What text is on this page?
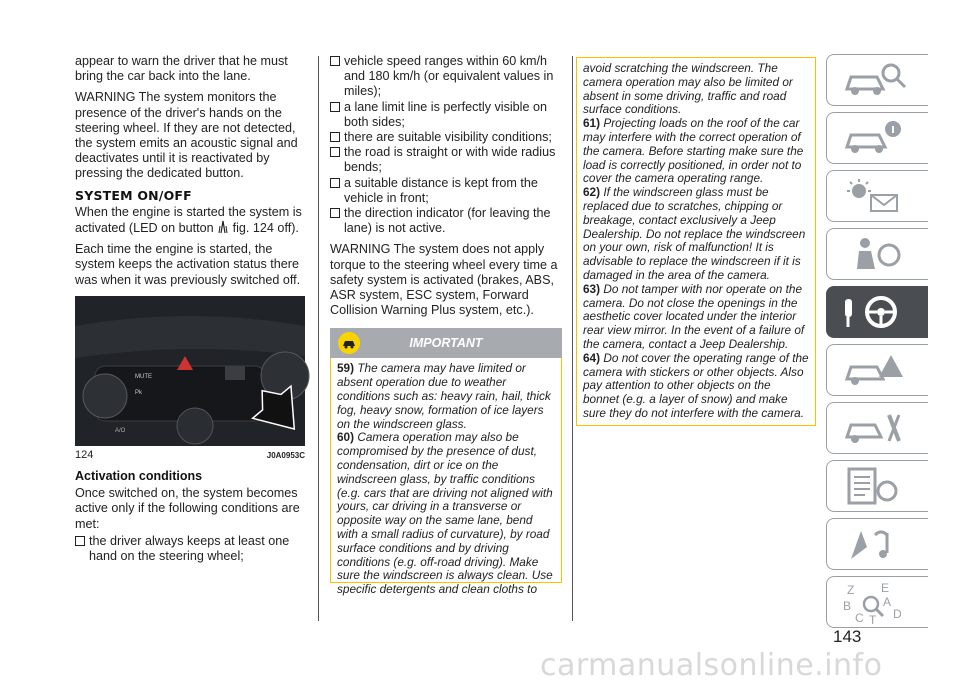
appear to warn the driver that he must bring the car back into the lane.

WARNING The system monitors the presence of the driver's hands on the steering wheel. If they are not detected, the system emits an acoustic signal and deactivates until it is reactivated by pressing the dedicated button.

SYSTEM ON/OFF

When the engine is started the system is activated (LED on button fig. 124 off).

Each time the engine is started, the system keeps the activation status there was when it was previously switched off.

MUTE
Pk
A/O
124	J0A0953C
Activation conditions

Once switched on, the system becomes active only if the following conditions are met:

the driver always keeps at least one hand on the steering wheel;
vehicle speed ranges within 60 km/h and 180 km/h (or equivalent values in miles);
a lane limit line is perfectly visible on both sides;
there are suitable visibility conditions;
the road is straight or with wide radius bends;
a suitable distance is kept from the vehicle in front;
the direction indicator (for leaving the lane) is not active.

WARNING The system does not apply torque to the steering wheel every time a safety system is activated (brakes, ABS, ASR system, ESC system, Forward Collision Warning Plus system, etc.).

IMPORTANT
59) The camera may have limited or absent operation due to weather conditions such as: heavy rain, hail, thick fog, heavy snow, formation of ice layers on the windscreen glass.
60) Camera operation may also be compromised by the presence of dust, condensation, dirt or ice on the windscreen glass, by traffic conditions (e.g. cars that are driving not aligned with yours, car driving in a transverse or opposite way on the same lane, bend with a small radius of curvature), by road surface conditions and by driving conditions (e.g. off-road driving). Make sure the windscreen is always clean. Use specific detergents and clean cloths to
avoid scratching the windscreen. The camera operation may also be limited or absent in some driving, traffic and road surface conditions.
61) Projecting loads on the roof of the car may interfere with the correct operation of the camera. Before starting make sure the load is correctly positioned, in order not to cover the camera operating range.
62) If the windscreen glass must be replaced due to scratches, chipping or breakage, contact exclusively a Jeep Dealership. Do not replace the windscreen on your own, risk of malfunction! It is advisable to replace the windscreen if it is damaged in the area of the camera.
63) Do not tamper with nor operate on the camera. Do not close the openings in the aesthetic cover located under the interior rear view mirror. In the event of a failure of the camera, contact a Jeep Dealership.
64) Do not cover the operating range of the camera with stickers or other objects. Also pay attention to other objects on the bonnet (e.g. a layer of snow) and make sure they do not interfere with the camera.
Z E
B	A
C D
T
143
carmanualsonline.info
